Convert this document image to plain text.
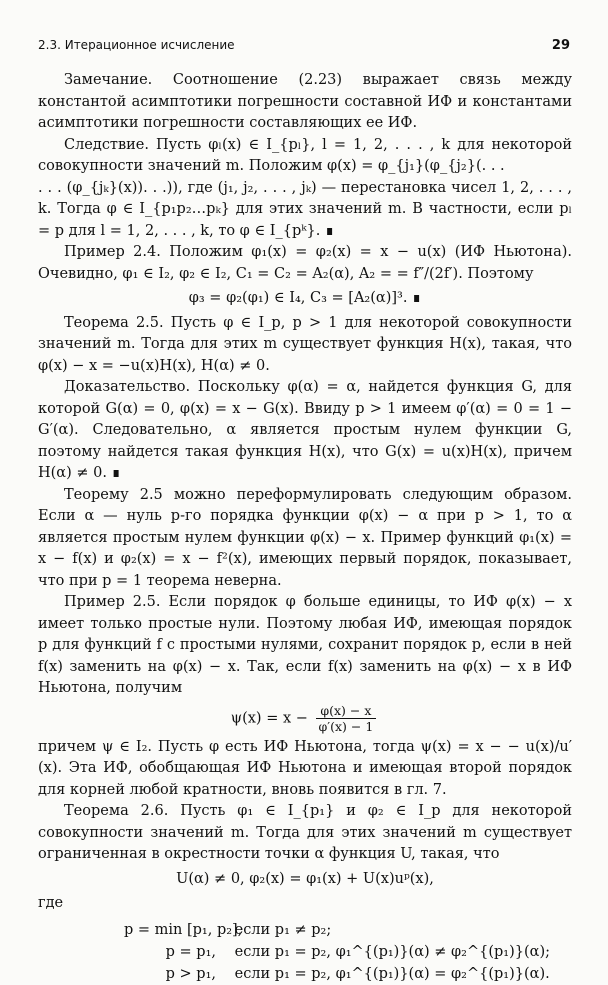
2.3. Итерационное исчисление	29

Замечание. Соотношение (2.23) выражает связь между константой асимптотики погрешности составной ИФ и константами асимптотики погрешности составляющих ее ИФ.

Следствие. Пусть φₗ(x) ∈ I_{pₗ}, l = 1, 2, . . . , k для некоторой совокупности значений m. Положим φ(x) = φ_{j₁}(φ_{j₂}(. . .

. . . (φ_{jₖ}(x)). . .)), где (j₁, j₂, . . . , jₖ) — перестановка чисел 1, 2, . . . , k. Тогда φ ∈ I_{p₁p₂…pₖ} для этих значений m. В частности, если pₗ = p для l = 1, 2, . . . , k, то φ ∈ I_{pᵏ}. ∎

Пример 2.4. Положим φ₁(x) = φ₂(x) = x − u(x) (ИФ Ньютона). Очевидно, φ₁ ∈ I₂, φ₂ ∈ I₂, C₁ = C₂ = A₂(α), A₂ = = f″/(2f′). Поэтому

φ₃ = φ₂(φ₁) ∈ I₄, C₃ = [A₂(α)]³. ∎

Теорема 2.5. Пусть φ ∈ I_p, p > 1 для некоторой совокупности значений m. Тогда для этих m существует функция H(x), такая, что φ(x) − x = −u(x)H(x), H(α) ≠ 0.

Доказательство. Поскольку φ(α) = α, найдется функция G, для которой G(α) = 0, φ(x) = x − G(x). Ввиду p > 1 имеем φ′(α) = 0 = 1 − G′(α). Следовательно, α является простым нулем функции G, поэтому найдется такая функция H(x), что G(x) = u(x)H(x), причем H(α) ≠ 0. ∎

Теорему 2.5 можно переформулировать следующим образом. Если α — нуль p-го порядка функции φ(x) − α при p > 1, то α является простым нулем функции φ(x) − x. Пример функций φ₁(x) = x − f(x) и φ₂(x) = x − f²(x), имеющих первый порядок, показывает, что при p = 1 теорема неверна.

Пример 2.5. Если порядок φ больше единицы, то ИФ φ(x) − x имеет только простые нули. Поэтому любая ИФ, имеющая порядок p для функций f с простыми нулями, сохранит порядок p, если в ней f(x) заменить на φ(x) − x. Так, если f(x) заменить на φ(x) − x в ИФ Ньютона, получим

$\psi(x) = x - \frac{\varphi(x) - x}{\varphi'(x) - 1}$

причем ψ ∈ I₂. Пусть φ есть ИФ Ньютона, тогда ψ(x) = x − − u(x)/u′(x). Эта ИФ, обобщающая ИФ Ньютона и имеющая второй порядок для корней любой кратности, вновь появится в гл. 7.

Теорема 2.6. Пусть φ₁ ∈ I_{p₁} и φ₂ ∈ I_p для некоторой совокупности значений m. Тогда для этих значений m существует ограниченная в окрестности точки α функция U, такая, что

U(α) ≠ 0, φ₂(x) = φ₁(x) + U(x)uᵖ(x),

где
p = min [p₁, p₂], если p₁ ≠ p₂;
p = p₁, если p₁ = p₂, φ₁^{(p₁)}(α) ≠ φ₂^{(p₁)}(α);
p > p₁, если p₁ = p₂, φ₁^{(p₁)}(α) = φ₂^{(p₁)}(α).
